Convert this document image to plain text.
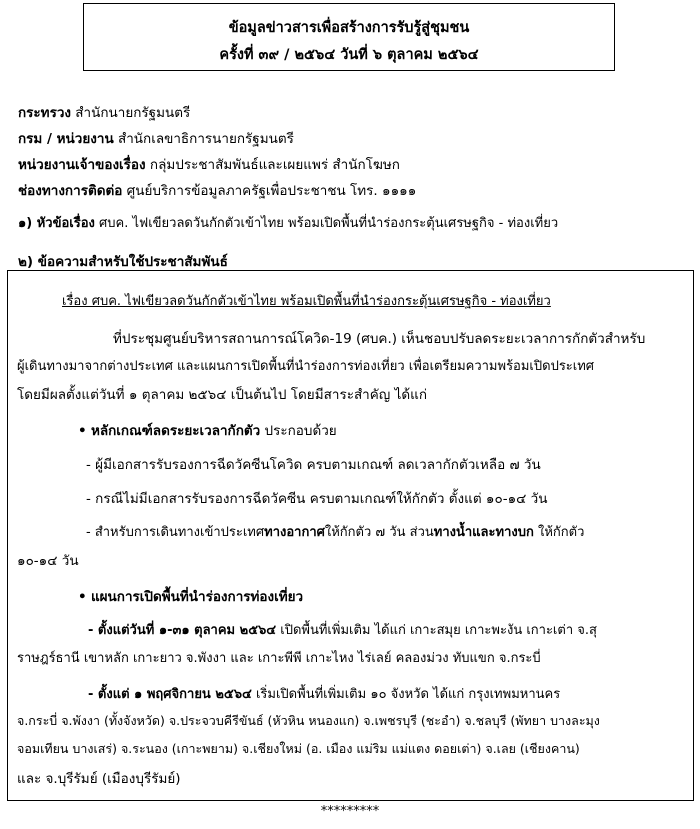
ข้อมูลข่าวสารเพื่อสร้างการรับรู้สู่ชุมชน
ครั้งที่ ๓๙ / ๒๕๖๔ วันที่ ๖ ตุลาคม ๒๕๖๔
กระทรวง สำนักนายกรัฐมนตรี
กรม / หน่วยงาน สำนักเลขาธิการนายกรัฐมนตรี
หน่วยงานเจ้าของเรื่อง กลุ่มประชาสัมพันธ์และเผยแพร่ สำนักโฆษก
ช่องทางการติดต่อ ศูนย์บริการข้อมูลภาครัฐเพื่อประชาชน โทร. ๑๑๑๑
๑) หัวข้อเรื่อง ศบค. ไฟเขียวลดวันกักตัวเข้าไทย พร้อมเปิดพื้นที่นำร่องกระตุ้นเศรษฐกิจ - ท่องเที่ยว
๒) ข้อความสำหรับใช้ประชาสัมพันธ์
เรื่อง ศบค. ไฟเขียวลดวันกักตัวเข้าไทย พร้อมเปิดพื้นที่นำร่องกระตุ้นเศรษฐกิจ - ท่องเที่ยว
ที่ประชุมศูนย์บริหารสถานการณ์โควิด-19 (ศบค.) เห็นชอบปรับลดระยะเวลาการกักตัวสำหรับ
ผู้เดินทางมาจากต่างประเทศ และแผนการเปิดพื้นที่นำร่องการท่องเที่ยว เพื่อเตรียมความพร้อมเปิดประเทศ
โดยมีผลตั้งแต่วันที่ ๑ ตุลาคม ๒๕๖๔ เป็นต้นไป โดยมีสาระสำคัญ ได้แก่
• หลักเกณฑ์ลดระยะเวลากักตัว ประกอบด้วย
- ผู้มีเอกสารรับรองการฉีดวัคซีนโควิด ครบตามเกณฑ์ ลดเวลากักตัวเหลือ ๗ วัน
- กรณีไม่มีเอกสารรับรองการฉีดวัคซีน ครบตามเกณฑ์ให้กักตัว ตั้งแต่ ๑๐-๑๔ วัน
- สำหรับการเดินทางเข้าประเทศทางอากาศให้กักตัว ๗ วัน ส่วนทางน้ำและทางบก ให้กักตัว
๑๐-๑๔ วัน
• แผนการเปิดพื้นที่นำร่องการท่องเที่ยว
- ตั้งแต่วันที่ ๑-๓๑ ตุลาคม ๒๕๖๔ เปิดพื้นที่เพิ่มเติม ได้แก่ เกาะสมุย เกาะพะงัน เกาะเต่า จ.สุ
ราษฎร์ธานี เขาหลัก เกาะยาว จ.พังงา และ เกาะพีพี เกาะไหง ไร่เลย์ คลองม่วง ทับแขก จ.กระบี่
- ตั้งแต่ ๑ พฤศจิกายน ๒๕๖๔ เริ่มเปิดพื้นที่เพิ่มเติม ๑๐ จังหวัด ได้แก่ กรุงเทพมหานคร
จ.กระบี่ จ.พังงา (ทั้งจังหวัด) จ.ประจวบคีรีขันธ์ (หัวหิน หนองแก) จ.เพชรบุรี (ชะอำ) จ.ชลบุรี (พัทยา บางละมุง
จอมเทียน บางเสร่) จ.ระนอง (เกาะพยาม) จ.เชียงใหม่ (อ. เมือง แม่ริม แม่แตง ดอยเต่า) จ.เลย (เชียงคาน)
และ จ.บุรีรัมย์ (เมืองบุรีรัมย์)
*********
